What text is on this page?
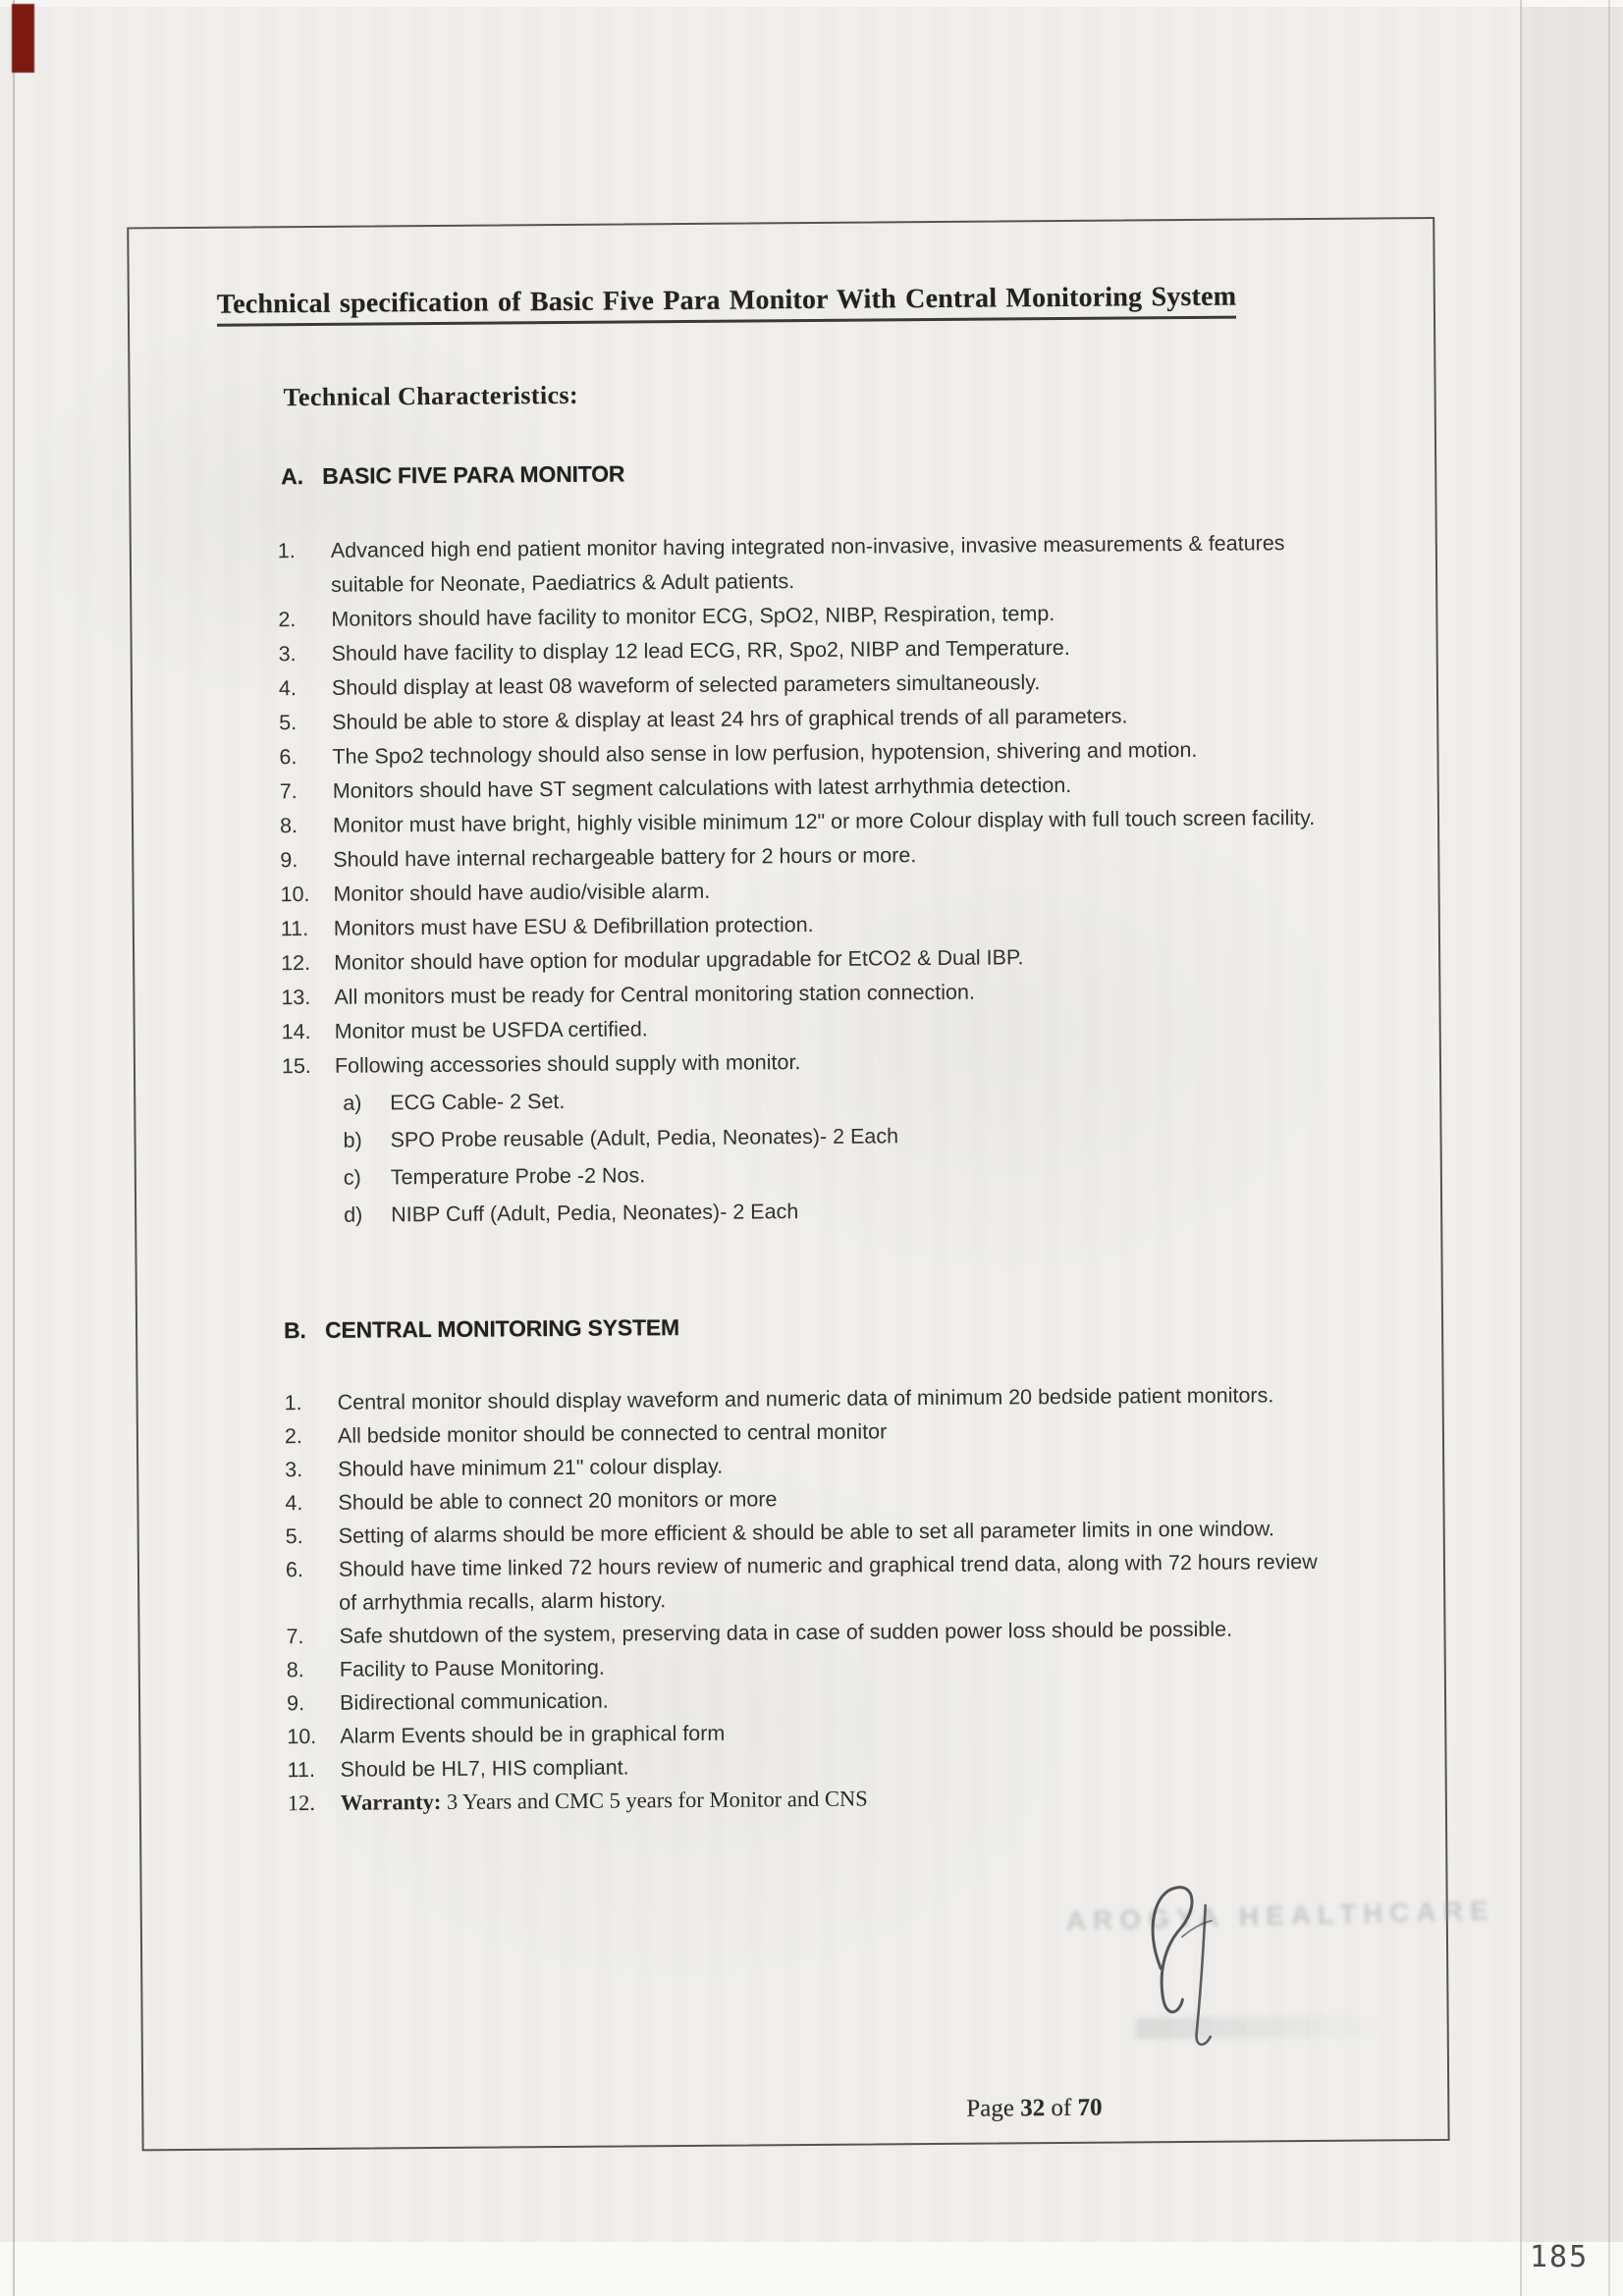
Technical specification of Basic Five Para Monitor With Central Monitoring System
Technical Characteristics:
A. BASIC FIVE PARA MONITOR
1.	Advanced high end patient monitor having integrated non-invasive, invasive measurements & features suitable for Neonate, Paediatrics & Adult patients.
2.	Monitors should have facility to monitor ECG, SpO2, NIBP, Respiration, temp.
3.	Should have facility to display 12 lead ECG, RR, Spo2, NIBP and Temperature.
4.	Should display at least 08 waveform of selected parameters simultaneously.
5.	Should be able to store & display at least 24 hrs of graphical trends of all parameters.
6.	The Spo2 technology should also sense in low perfusion, hypotension, shivering and motion.
7.	Monitors should have ST segment calculations with latest arrhythmia detection.
8.	Monitor must have bright, highly visible minimum 12" or more Colour display with full touch screen facility.
9.	Should have internal rechargeable battery for 2 hours or more.
10.	Monitor should have audio/visible alarm.
11.	Monitors must have ESU & Defibrillation protection.
12.	Monitor should have option for modular upgradable for EtCO2 & Dual IBP.
13.	All monitors must be ready for Central monitoring station connection.
14.	Monitor must be USFDA certified.
15.	Following accessories should supply with monitor.
a)	ECG Cable- 2 Set.
b)	SPO Probe reusable (Adult, Pedia, Neonates)- 2 Each
c)	Temperature Probe -2 Nos.
d)	NIBP Cuff (Adult, Pedia, Neonates)- 2 Each
B. CENTRAL MONITORING SYSTEM
1.	Central monitor should display waveform and numeric data of minimum 20 bedside patient monitors.
2.	All bedside monitor should be connected to central monitor
3.	Should have minimum 21" colour display.
4.	Should be able to connect 20 monitors or more
5.	Setting of alarms should be more efficient & should be able to set all parameter limits in one window.
6.	Should have time linked 72 hours review of numeric and graphical trend data, along with 72 hours review of arrhythmia recalls, alarm history.
7.	Safe shutdown of the system, preserving data in case of sudden power loss should be possible.
8.	Facility to Pause Monitoring.
9.	Bidirectional communication.
10.	Alarm Events should be in graphical form
11.	Should be HL7, HIS compliant.
12.	Warranty: 3 Years and CMC 5 years for Monitor and CNS
AROGYA HEALTHCARE
Page 32 of 70
185
